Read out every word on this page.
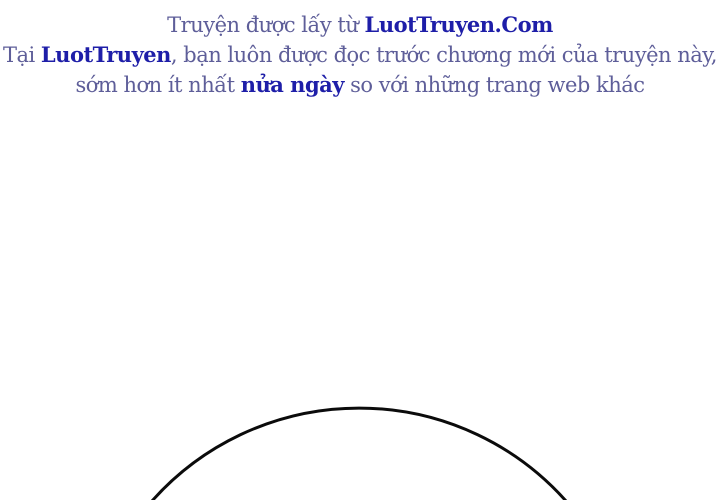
Truyện được lấy từ LuotTruyen.Com
Tại LuotTruyen, bạn luôn được đọc trước chương mới của truyện này,
sớm hơn ít nhất nửa ngày so với những trang web khác
